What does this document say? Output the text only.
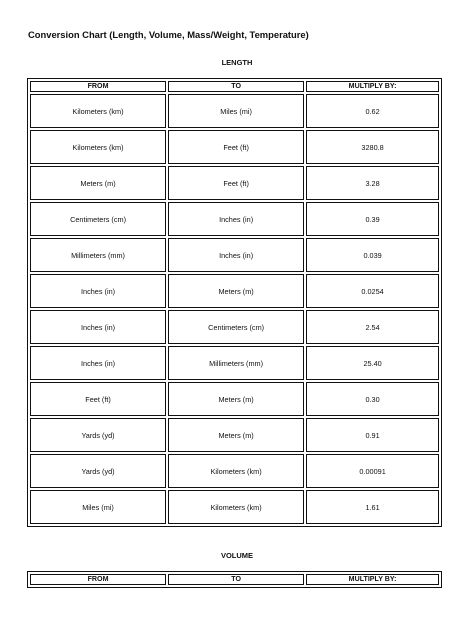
Conversion Chart (Length, Volume, Mass/Weight, Temperature)
LENGTH
FROM	TO	MULTIPLY BY:
Kilometers (km)	Miles (mi)	0.62
Kilometers (km)	Feet (ft)	3280.8
Meters (m)	Feet (ft)	3.28
Centimeters (cm)	Inches (in)	0.39
Millimeters (mm)	Inches (in)	0.039
Inches (in)	Meters (m)	0.0254
Inches (in)	Centimeters (cm)	2.54
Inches (in)	Millimeters (mm)	25.40
Feet (ft)	Meters (m)	0.30
Yards (yd)	Meters (m)	0.91
Yards (yd)	Kilometers (km)	0.00091
Miles (mi)	Kilometers (km)	1.61
VOLUME
FROM	TO	MULTIPLY BY:
